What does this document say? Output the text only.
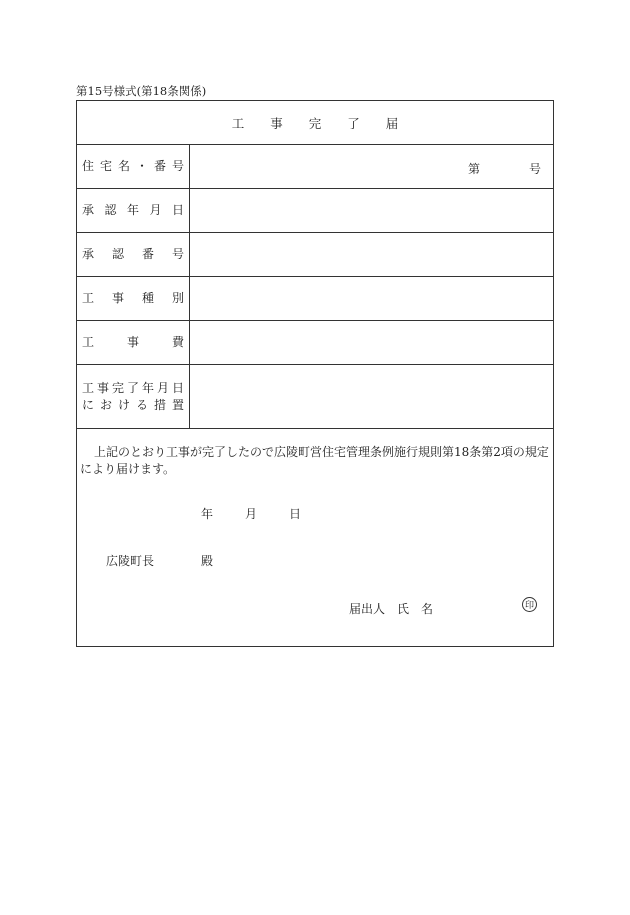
第15号様式(第18条関係)
工事完了届
住宅名・番号	第	号
承認年月日
承認番号
工事種別
工事費
工事完了年月日
における措置
上記のとおり工事が完了したので広陵町営住宅管理条例施行規則第18条第2項の規定により届けます。
年	月	日
広陵町長	殿
届出人　 氏　名	印
